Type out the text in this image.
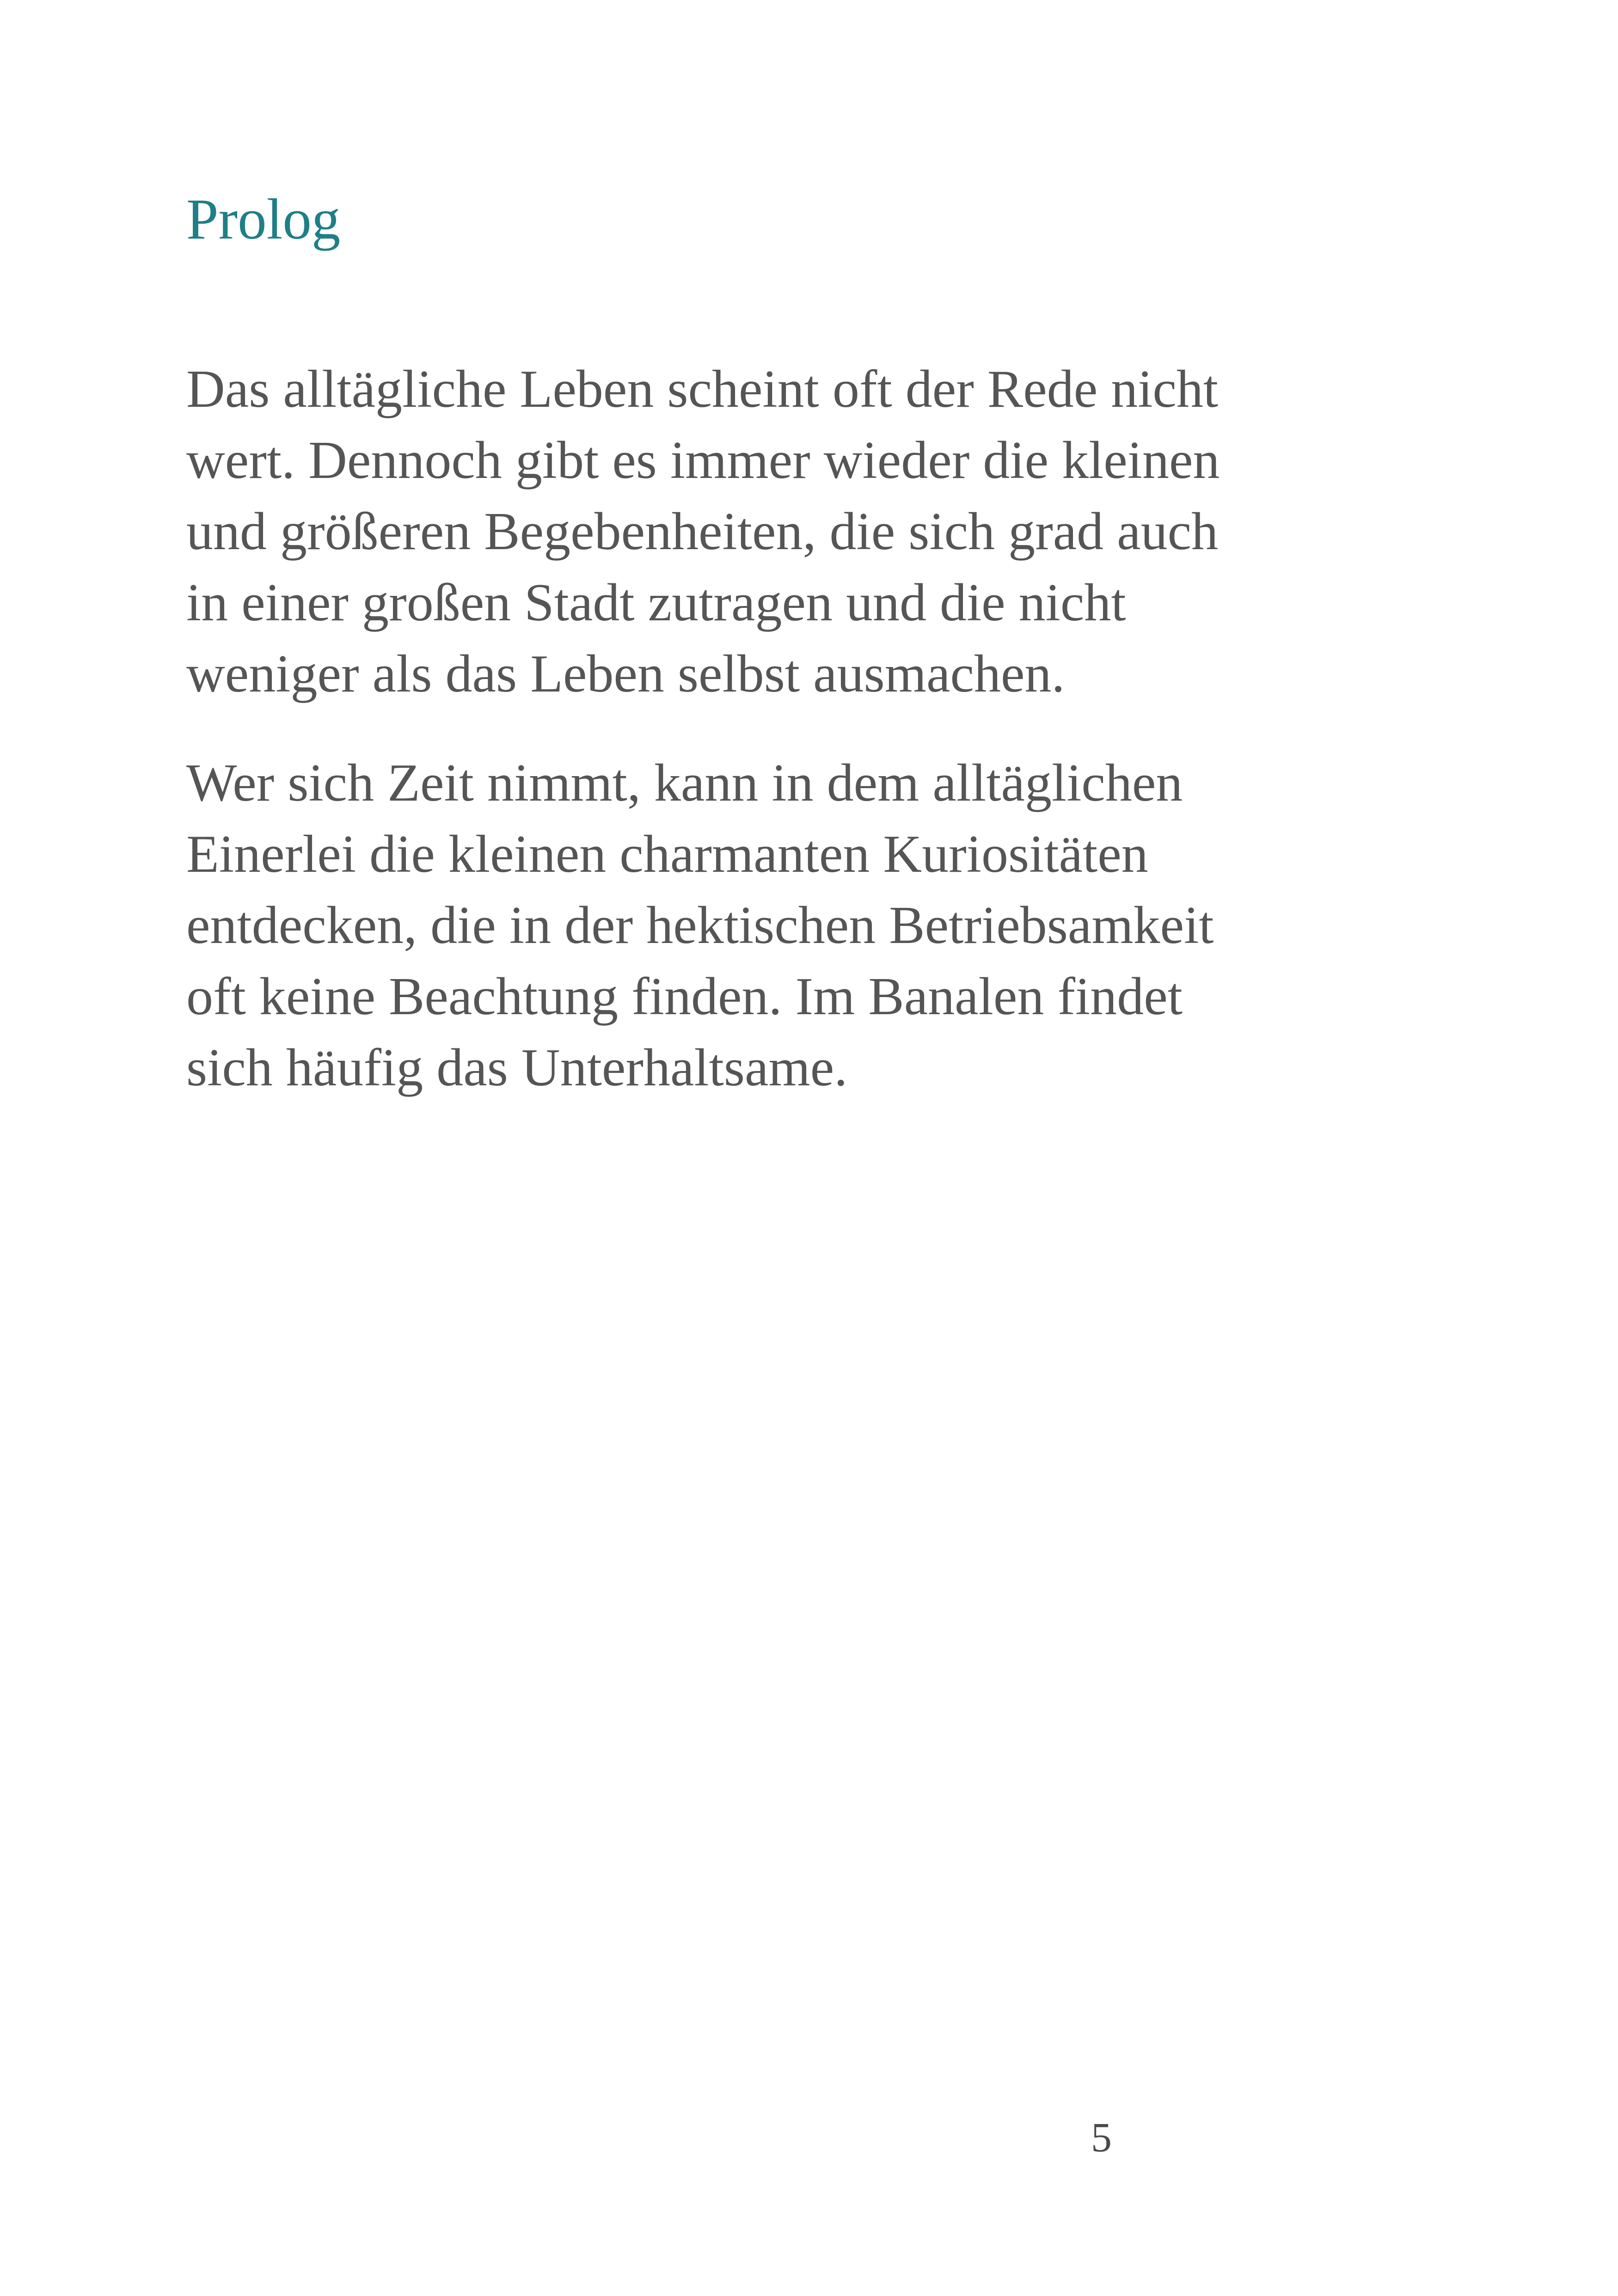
Prolog

Das alltägliche Leben scheint oft der Rede nicht
wert. Dennoch gibt es immer wieder die kleinen
und größeren Begebenheiten, die sich grad auch
in einer großen Stadt zutragen und die nicht
weniger als das Leben selbst ausmachen.

Wer sich Zeit nimmt, kann in dem alltäglichen
Einerlei die kleinen charmanten Kuriositäten
entdecken, die in der hektischen Betriebsamkeit
oft keine Beachtung finden. Im Banalen findet
sich häufig das Unterhaltsame.

5
